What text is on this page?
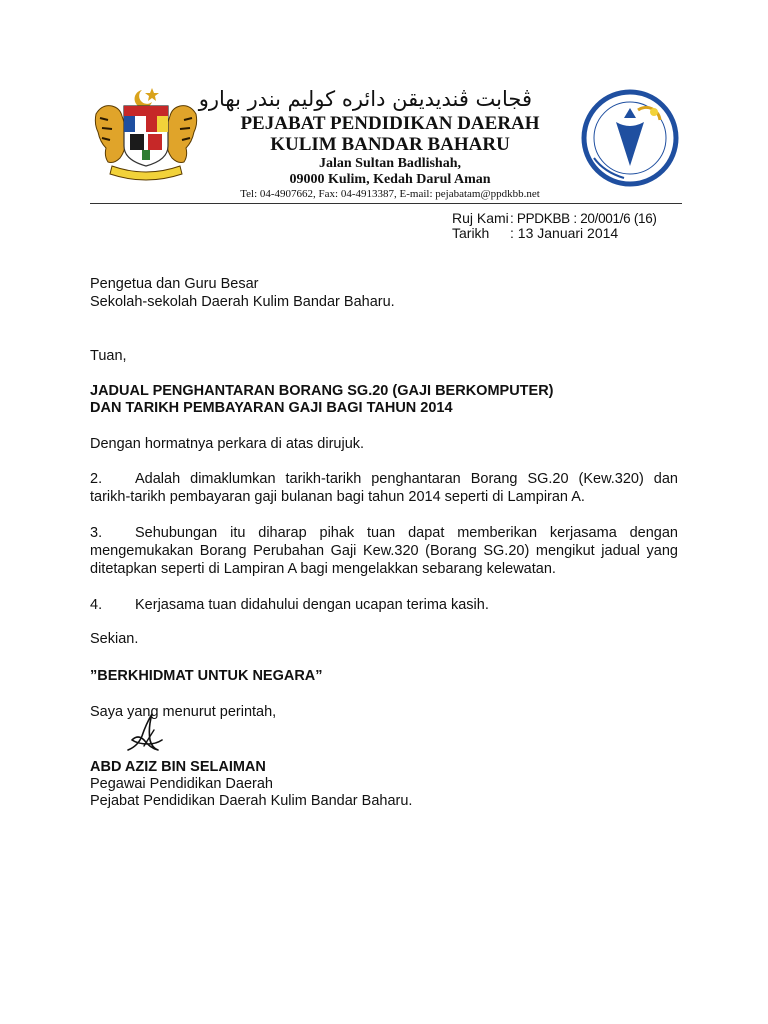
ڤجابت ڤنديديقن دائره كوليم بندر بهارو
PEJABAT PENDIDIKAN DAERAH
KULIM BANDAR BAHARU
Jalan Sultan Badlishah,
09000 Kulim, Kedah Darul Aman
Tel: 04-4907662, Fax: 04-4913387, E-mail: pejabatam@ppdkbb.net
Ruj Kami: PPDKBB : 20/001/6 (16)
Tarikh : 13 Januari 2014
Pengetua dan Guru Besar
Sekolah-sekolah Daerah Kulim Bandar Baharu.
Tuan,
JADUAL PENGHANTARAN BORANG SG.20 (GAJI BERKOMPUTER)
DAN TARIKH PEMBAYARAN GAJI BAGI TAHUN 2014
Dengan hormatnya perkara di atas dirujuk.
2. Adalah dimaklumkan tarikh-tarikh penghantaran Borang SG.20 (Kew.320) dan
tarikh-tarikh pembayaran gaji bulanan bagi tahun 2014 seperti di Lampiran A.
3. Sehubungan itu diharap pihak tuan dapat memberikan kerjasama dengan
mengemukakan Borang Perubahan Gaji Kew.320 (Borang SG.20) mengikut jadual yang
ditetapkan seperti di Lampiran A bagi mengelakkan sebarang kelewatan.
4. Kerjasama tuan didahului dengan ucapan terima kasih.
Sekian.
”BERKHIDMAT UNTUK NEGARA”
Saya yang menurut perintah,
ABD AZIZ BIN SELAIMAN
Pegawai Pendidikan Daerah
Pejabat Pendidikan Daerah Kulim Bandar Baharu.
